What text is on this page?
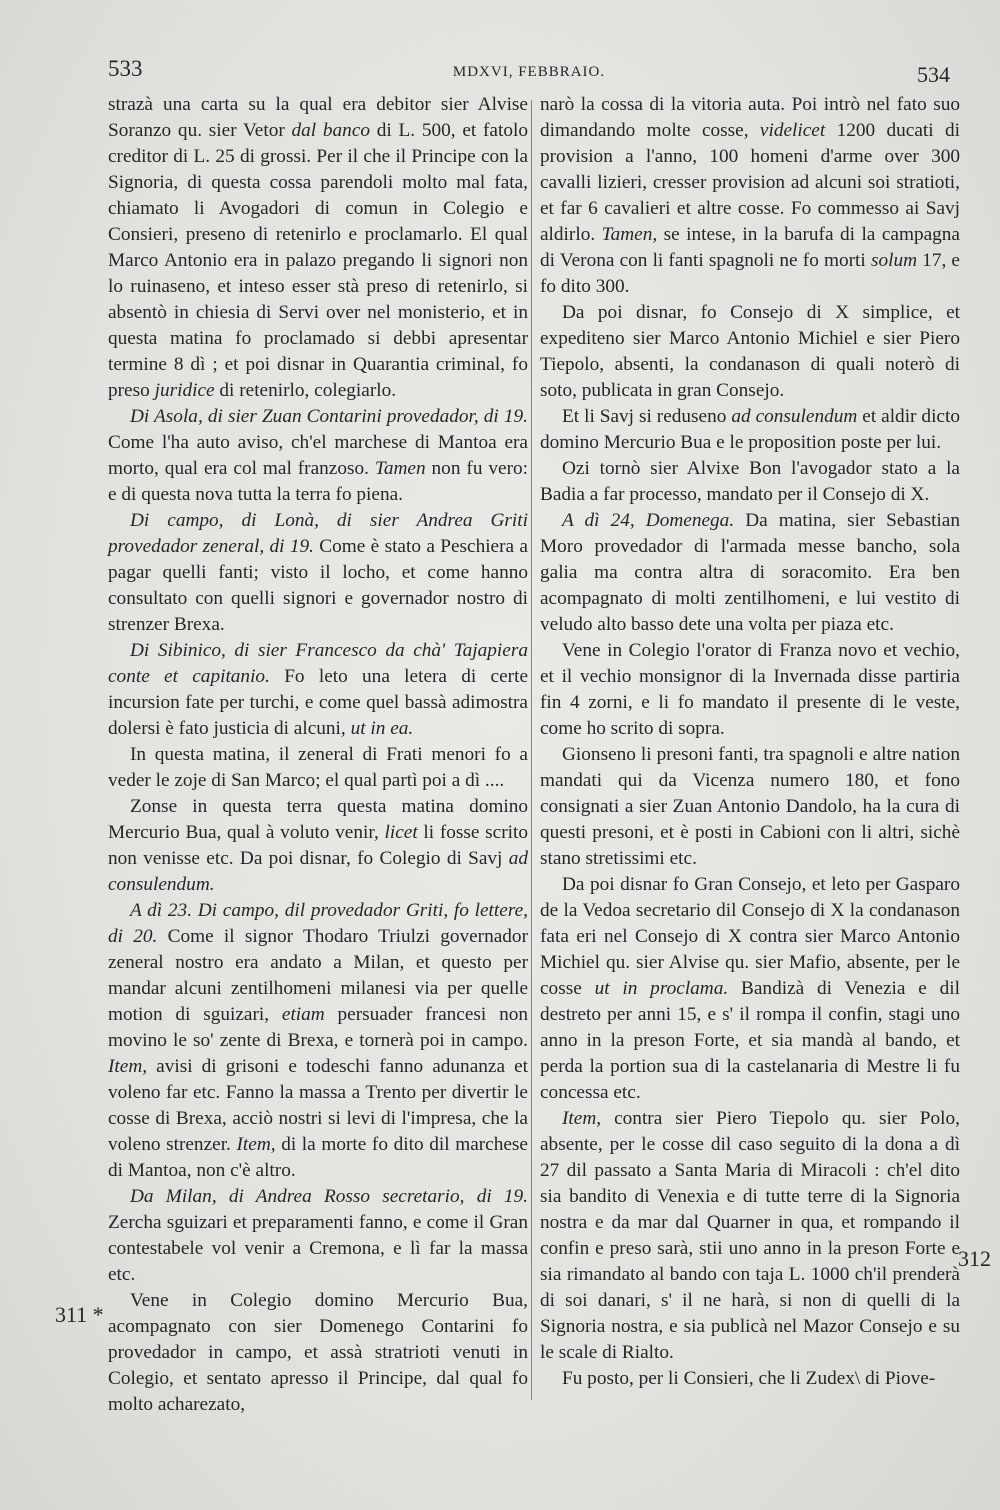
533	MDXVI, FEBBRAIO.	534

strazà una carta su la qual era debitor sier Alvise Soranzo qu. sier Vetor dal banco di L. 500, et fatolo creditor di L. 25 di grossi. Per il che il Principe con la Signoria, di questa cossa parendoli molto mal fata, chiamato li Avogadori di comun in Colegio e Consieri, preseno di retenirlo e proclamarlo. El qual Marco Antonio era in palazo pregando li signori non lo ruinaseno, et inteso esser stà preso di retenirlo, si absentò in chiesia di Servi over nel monisterio, et in questa matina fo proclamado si debbi apresentar termine 8 dì ; et poi disnar in Quarantia criminal, fo preso juridice di retenirlo, colegiarlo.

Di Asola, di sier Zuan Contarini provedador, di 19. Come l'ha auto aviso, ch'el marchese di Mantoa era morto, qual era col mal franzoso. Tamen non fu vero: e di questa nova tutta la terra fo piena.

Di campo, di Lonà, di sier Andrea Griti provedador zeneral, di 19. Come è stato a Peschiera a pagar quelli fanti; visto il locho, et come hanno consultato con quelli signori e governador nostro di strenzer Brexa.

Di Sibinico, di sier Francesco da chà' Tajapiera conte et capitanio. Fo leto una letera di certe incursion fate per turchi, e come quel bassà adimostra dolersi è fato justicia di alcuni, ut in ea.

In questa matina, il zeneral di Frati menori fo a veder le zoje di San Marco; el qual partì poi a dì ....

Zonse in questa terra questa matina domino Mercurio Bua, qual à voluto venir, licet li fosse scrito non venisse etc. Da poi disnar, fo Colegio di Savj ad consulendum.

A dì 23. Di campo, dil provedador Griti, fo lettere, di 20. Come il signor Thodaro Triulzi governador zeneral nostro era andato a Milan, et questo per mandar alcuni zentilhomeni milanesi via per quelle motion di sguizari, etiam persuader francesi non movino le so' zente di Brexa, e tornerà poi in campo. Item, avisi di grisoni e todeschi fanno adunanza et voleno far etc. Fanno la massa a Trento per divertir le cosse di Brexa, acciò nostri si levi di l'impresa, che la voleno strenzer. Item, di la morte fo dito dil marchese di Mantoa, non c'è altro.

Da Milan, di Andrea Rosso secretario, di 19. Zercha sguizari et preparamenti fanno, e come il Gran contestabele vol venir a Cremona, e lì far la massa etc.

Vene in Colegio domino Mercurio Bua, acompagnato con sier Domenego Contarini fo provedador in campo, et assà stratrioti venuti in Colegio, et sentato apresso il Principe, dal qual fo molto acharezato,

narò la cossa di la vitoria auta. Poi intrò nel fato suo dimandando molte cosse, videlicet 1200 ducati di provision a l'anno, 100 homeni d'arme over 300 cavalli lizieri, cresser provision ad alcuni soi stratioti, et far 6 cavalieri et altre cosse. Fo commesso ai Savj aldirlo. Tamen, se intese, in la barufa di la campagna di Verona con li fanti spagnoli ne fo morti solum 17, e fo dito 300.

Da poi disnar, fo Consejo di X simplice, et expediteno sier Marco Antonio Michiel e sier Piero Tiepolo, absenti, la condanason di quali noterò di soto, publicata in gran Consejo.

Et li Savj si reduseno ad consulendum et aldir dicto domino Mercurio Bua e le proposition poste per lui.

Ozi tornò sier Alvixe Bon l'avogador stato a la Badia a far processo, mandato per il Consejo di X.

A dì 24, Domenega. Da matina, sier Sebastian Moro provedador di l'armada messe bancho, sola galia ma contra altra di soracomito. Era ben acompagnato di molti zentilhomeni, e lui vestito di veludo alto basso dete una volta per piaza etc.

Vene in Colegio l'orator di Franza novo et vechio, et il vechio monsignor di la Invernada disse partiria fin 4 zorni, e li fo mandato il presente di le veste, come ho scrito di sopra.

Gionseno li presoni fanti, tra spagnoli e altre nation mandati qui da Vicenza numero 180, et fono consignati a sier Zuan Antonio Dandolo, ha la cura di questi presoni, et è posti in Cabioni con li altri, sichè stano stretissimi etc.

Da poi disnar fo Gran Consejo, et leto per Gasparo de la Vedoa secretario dil Consejo di X la condanason fata eri nel Consejo di X contra sier Marco Antonio Michiel qu. sier Alvise qu. sier Mafio, absente, per le cosse ut in proclama. Bandizà di Venezia e dil destreto per anni 15, e s' il rompa il confin, stagi uno anno in la preson Forte, et sia mandà al bando, et perda la portion sua di la castelanaria di Mestre li fu concessa etc.

Item, contra sier Piero Tiepolo qu. sier Polo, absente, per le cosse dil caso seguito di la dona a dì 27 dil passato a Santa Maria di Miracoli : ch'el dito sia bandito di Venexia e di tutte terre di la Signoria nostra e da mar dal Quarner in qua, et rompando il confin e preso sarà, stii uno anno in la preson Forte e sia rimandato al bando con taja L. 1000 ch'il prenderà di soi danari, s' il ne harà, si non di quelli di la Signoria nostra, e sia publicà nel Mazor Consejo e su le scale di Rialto.

Fu posto, per li Consieri, che li Zudex\ di Piove-

311 *
312
